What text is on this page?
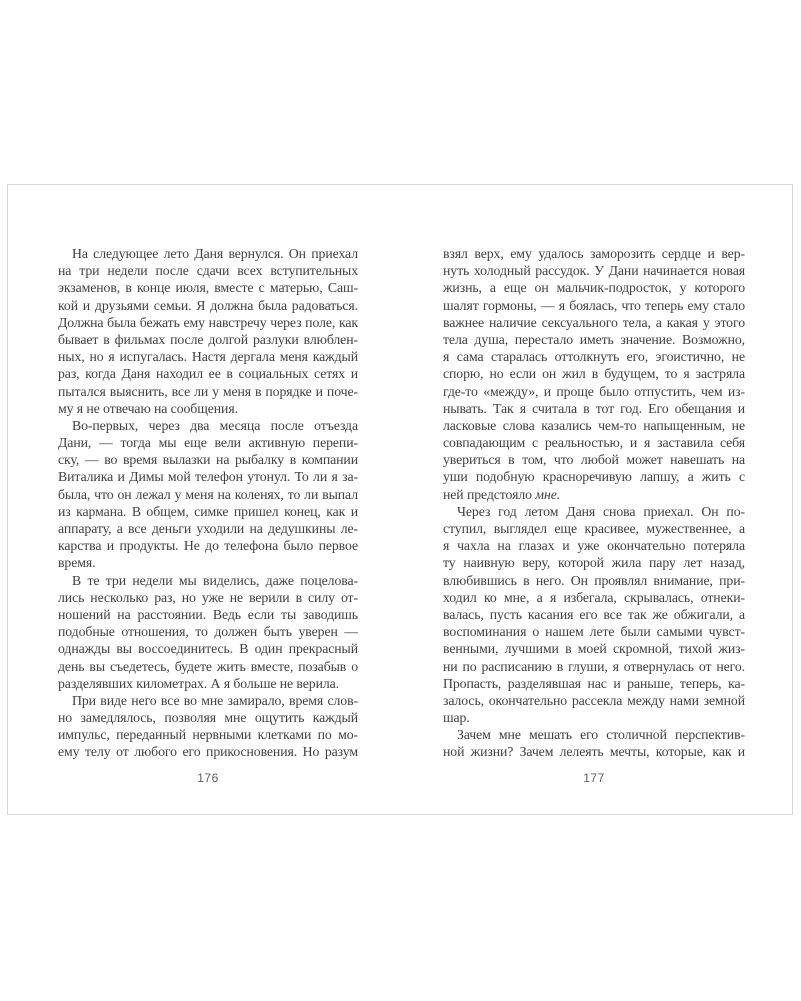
На следующее лето Даня вернулся. Он приехал
на три недели после сдачи всех вступительных
экзаменов, в конце июля, вместе с матерью, Саш-
кой и друзьями семьи. Я должна была радоваться.
Должна была бежать ему навстречу через поле, как
бывает в фильмах после долгой разлуки влюблен-
ных, но я испугалась. Настя дергала меня каждый
раз, когда Даня находил ее в социальных сетях и
пытался выяснить, все ли у меня в порядке и поче-
му я не отвечаю на сообщения.
Во-первых, через два месяца после отъезда
Дани, — тогда мы еще вели активную перепи-
ску, — во время вылазки на рыбалку в компании
Виталика и Димы мой телефон утонул. То ли я за-
была, что он лежал у меня на коленях, то ли выпал
из кармана. В общем, симке пришел конец, как и
аппарату, а все деньги уходили на дедушкины ле-
карства и продукты. Не до телефона было первое
время.
В те три недели мы виделись, даже поцелова-
лись несколько раз, но уже не верили в силу от-
ношений на расстоянии. Ведь если ты заводишь
подобные отношения, то должен быть уверен —
однажды вы воссоединитесь. В один прекрасный
день вы съедетесь, будете жить вместе, позабыв о
разделявших километрах. А я больше не верила.
При виде него все во мне замирало, время слов-
но замедлялось, позволяя мне ощутить каждый
импульс, переданный нервными клетками по мо-
ему телу от любого его прикосновения. Но разум
взял верх, ему удалось заморозить сердце и вер-
нуть холодный рассудок. У Дани начинается новая
жизнь, а еще он мальчик-подросток, у которого
шалят гормоны, — я боялась, что теперь ему стало
важнее наличие сексуального тела, а какая у этого
тела душа, перестало иметь значение. Возможно,
я сама старалась оттолкнуть его, эгоистично, не
спорю, но если он жил в будущем, то я застряла
где-то «между», и проще было отпустить, чем из-
нывать. Так я считала в тот год. Его обещания и
ласковые слова казались чем-то напыщенным, не
совпадающим с реальностью, и я заставила себя
увериться в том, что любой может навешать на
уши подобную красноречивую лапшу, а жить с
ней предстояло мне.
Через год летом Даня снова приехал. Он по-
ступил, выглядел еще красивее, мужественнее, а
я чахла на глазах и уже окончательно потеряла
ту наивную веру, которой жила пару лет назад,
влюбившись в него. Он проявлял внимание, при-
ходил ко мне, а я избегала, скрывалась, отнеки-
валась, пусть касания его все так же обжигали, а
воспоминания о нашем лете были самыми чувст-
венными, лучшими в моей скромной, тихой жиз-
ни по расписанию в глуши, я отвернулась от него.
Пропасть, разделявшая нас и раньше, теперь, ка-
залось, окончательно рассекла между нами земной
шар.
Зачем мне мешать его столичной перспектив-
ной жизни? Зачем лелеять мечты, которые, как и
176	177
